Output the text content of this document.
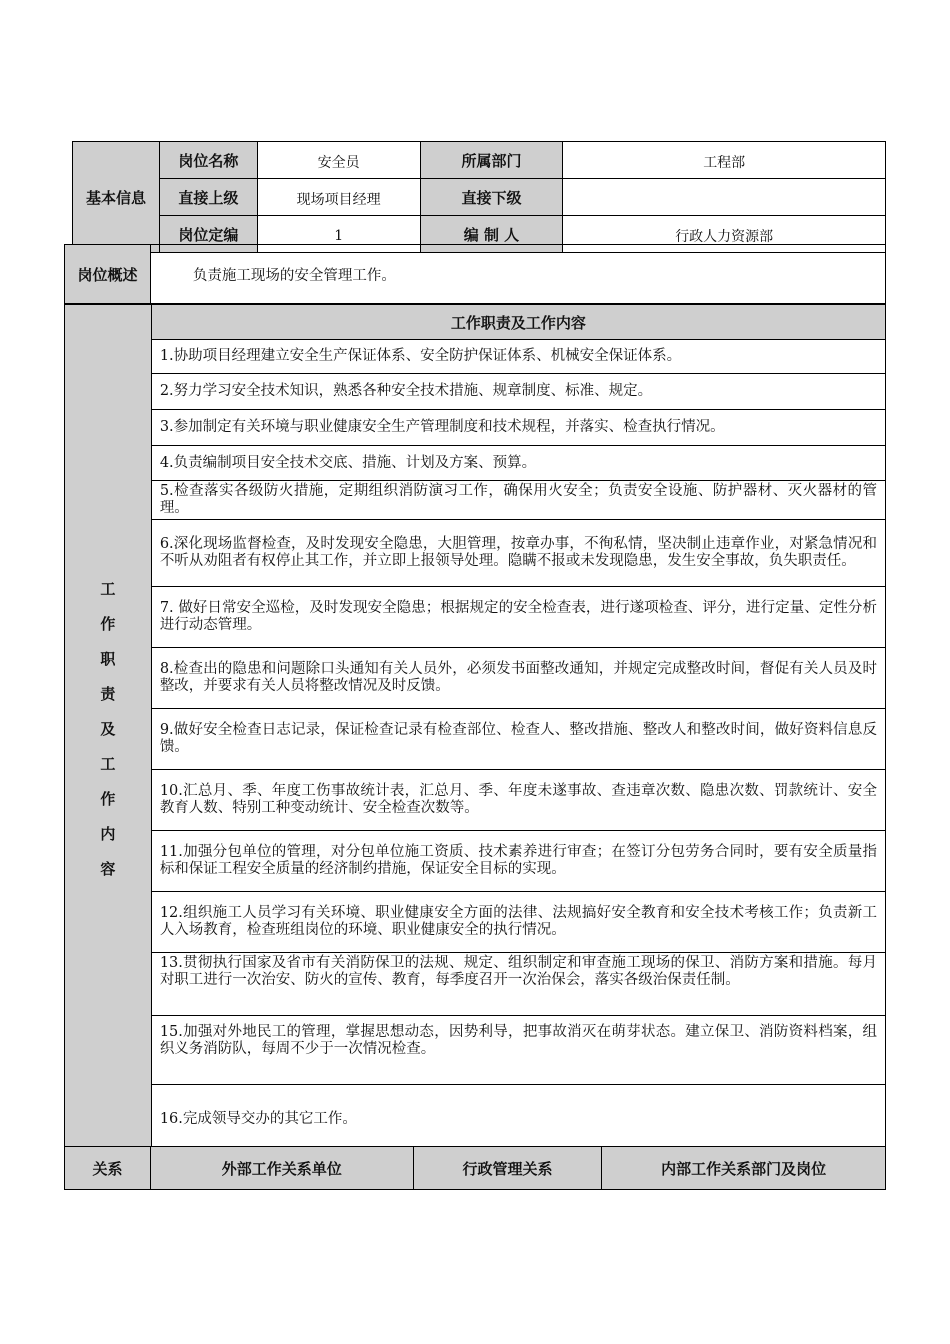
基本信息	岗位名称	安全员	所属部门	工程部
	直接上级	现场项目经理	直接下级	
	岗位定编	1	编 制 人	行政人力资源部
岗位概述	负责施工现场的安全管理工作。
工
作
职
责
及
工
作
内
容	工作职责及工作内容
1.协助项目经理建立安全生产保证体系、安全防护保证体系、机械安全保证体系。
2.努力学习安全技术知识，熟悉各种安全技术措施、规章制度、标准、规定。
3.参加制定有关环境与职业健康安全生产管理制度和技术规程，并落实、检查执行情况。
4.负责编制项目安全技术交底、措施、计划及方案、预算。
5.检查落实各级防火措施，定期组织消防演习工作，确保用火安全；负责安全设施、防护器材、灭火器材的管理。
6.深化现场监督检查，及时发现安全隐患，大胆管理，按章办事，不徇私情，坚决制止违章作业，对紧急情况和不听从劝阻者有权停止其工作，并立即上报领导处理。隐瞒不报或未发现隐患，发生安全事故，负失职责任。
7. 做好日常安全巡检，及时发现安全隐患；根据规定的安全检查表，进行遂项检查、评分，进行定量、定性分析进行动态管理。
8.检查出的隐患和问题除口头通知有关人员外，必须发书面整改通知，并规定完成整改时间，督促有关人员及时整改，并要求有关人员将整改情况及时反馈。
9.做好安全检查日志记录，保证检查记录有检查部位、检查人、整改措施、整改人和整改时间，做好资料信息反馈。
10.汇总月、季、年度工伤事故统计表，汇总月、季、年度未遂事故、查违章次数、隐患次数、罚款统计、安全教育人数、特别工种变动统计、安全检查次数等。
11.加强分包单位的管理，对分包单位施工资质、技术素养进行审查；在签订分包劳务合同时，要有安全质量指标和保证工程安全质量的经济制约措施，保证安全目标的实现。
12.组织施工人员学习有关环境、职业健康安全方面的法律、法规搞好安全教育和安全技术考核工作；负责新工人入场教育，检查班组岗位的环境、职业健康安全的执行情况。
13.贯彻执行国家及省市有关消防保卫的法规、规定、组织制定和审查施工现场的保卫、消防方案和措施。每月对职工进行一次治安、防火的宣传、教育，每季度召开一次治保会，落实各级治保责任制。
15.加强对外地民工的管理，掌握思想动态，因势利导，把事故消灭在萌芽状态。建立保卫、消防资料档案，组织义务消防队，每周不少于一次情况检查。
16.完成领导交办的其它工作。
关系	外部工作关系单位	行政管理关系	内部工作关系部门及岗位
